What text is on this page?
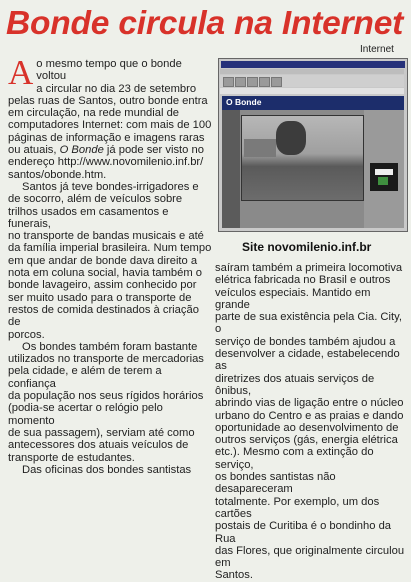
Bonde circula na Internet
Internet
O Bonde
Site novomilenio.inf.br

A o mesmo tempo que o bonde voltou
a circular no dia 23 de setembro
pelas ruas de Santos, outro bonde entra
em circulação, na rede mundial de
computadores Internet: com mais de 100
páginas de informação e imagens raras
ou atuais, O Bonde já pode ser visto no
endereço http://www.novomilenio.inf.br/
santos/obonde.htm.

Santos já teve bondes-irrigadores e
de socorro, além de veículos sobre
trilhos usados em casamentos e funerais,
no transporte de bandas musicais e até
da família imperial brasileira. Num tempo
em que andar de bonde dava direito a
nota em coluna social, havia também o
bonde lavageiro, assim conhecido por
ser muito usado para o transporte de
restos de comida destinados à criação de
porcos.

Os bondes também foram bastante
utilizados no transporte de mercadorias
pela cidade, e além de terem a confiança
da população nos seus rígidos horários
(podia-se acertar o relógio pelo momento
de sua passagem), serviam até como
antecessores dos atuais veículos de
transporte de estudantes.

Das oficinas dos bondes santistas

saíram também a primeira locomotiva
elétrica fabricada no Brasil e outros
veículos especiais. Mantido em grande
parte de sua existência pela Cia. City, o
serviço de bondes também ajudou a
desenvolver a cidade, estabelecendo as
diretrizes dos atuais serviços de ônibus,
abrindo vias de ligação entre o núcleo
urbano do Centro e as praias e dando
oportunidade ao desenvolvimento de
outros serviços (gás, energia elétrica
etc.). Mesmo com a extinção do serviço,
os bondes santistas não desapareceram
totalmente. Por exemplo, um dos cartões
postais de Curitiba é o bondinho da Rua
das Flores, que originalmente circulou em
Santos.
